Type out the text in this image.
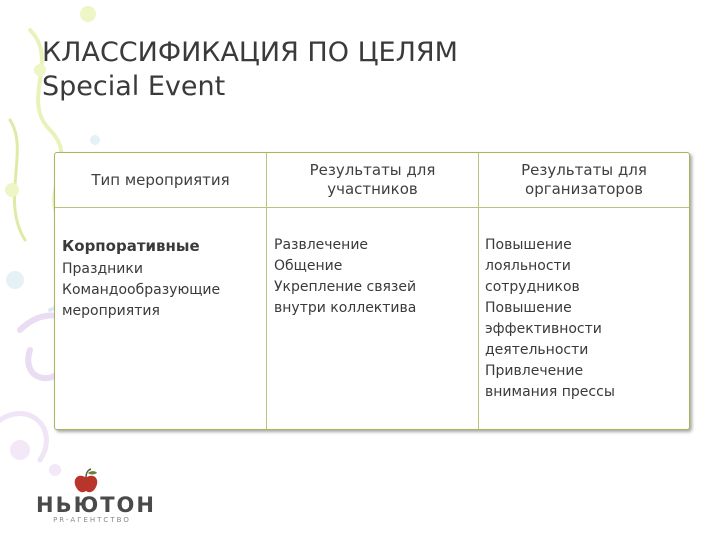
КЛАССИФИКАЦИЯ ПО ЦЕЛЯМ
Special Event
Тип мероприятия
Результаты для
участников
Результаты для
организаторов
Корпоративные
Праздники
Командообразующие
мероприятия
Развлечение
Общение
Укрепление связей
внутри коллектива
Повышение
лояльности
сотрудников
Повышение
эффективности
деятельности
Привлечение
внимания прессы
НЬЮТОН
PR-АГЕНТСТВО
